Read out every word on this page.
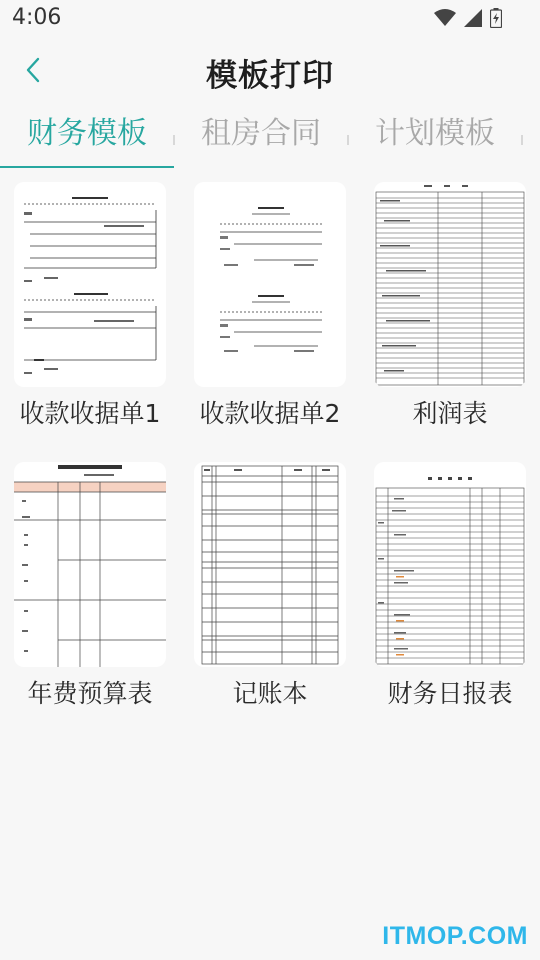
4:06
模板打印
财务模板	租房合同	计划模板
收款收据单1	收款收据单2	利润表
年费预算表	记账本	财务日报表
ITMOP.COM
